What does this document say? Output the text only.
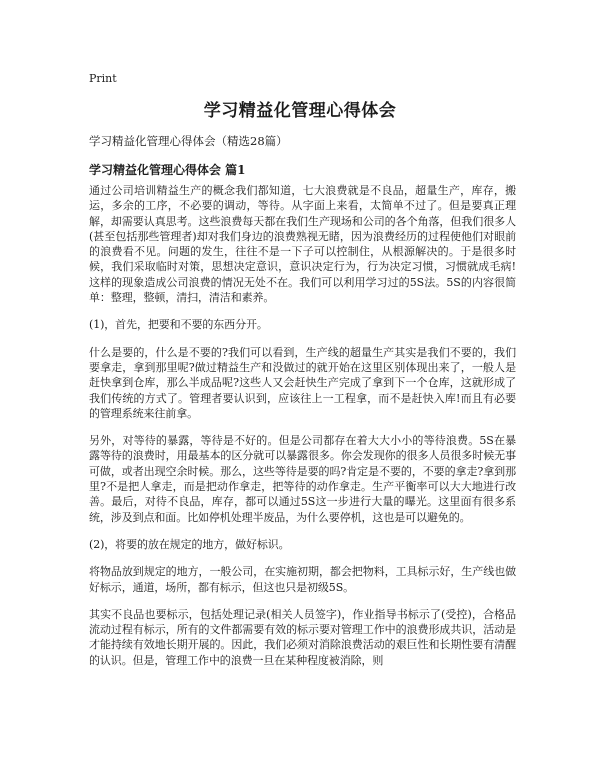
Print
学习精益化管理心得体会

学习精益化管理心得体会（精选28篇）

学习精益化管理心得体会 篇1

通过公司培训精益生产的概念我们都知道，七大浪费就是不良品，超量生产，库存，搬运，多余的工序，不必要的调动，等待。从字面上来看，太简单不过了。但是要真正理解，却需要认真思考。这些浪费每天都在我们生产现场和公司的各个角落，但我们很多人(甚至包括那些管理者)却对我们身边的浪费熟视无睹，因为浪费经历的过程使他们对眼前的浪费看不见。问题的发生，往往不是一下子可以控制住，从根源解决的。于是很多时候，我们采取临时对策，思想决定意识，意识决定行为，行为决定习惯，习惯就成毛病!这样的现象造成公司浪费的情况无处不在。我们可以利用学习过的5S法。5S的内容很简单：整理，整顿，清扫，清洁和素养。

(1)，首先，把要和不要的东西分开。

什么是要的，什么是不要的?我们可以看到，生产线的超量生产其实是我们不要的，我们要拿走，拿到那里呢?做过精益生产和没做过的就开始在这里区别体现出来了，一般人是赶快拿到仓库，那么半成品呢?这些人又会赶快生产完成了拿到下一个仓库，这就形成了我们传统的方式了。管理者要认识到，应该往上一工程拿，而不是赶快入库!而且有必要的管理系统来往前拿。

另外，对等待的暴露，等待是不好的。但是公司都存在着大大小小的等待浪费。5S在暴露等待的浪费时，用最基本的区分就可以暴露很多。你会发现你的很多人员很多时候无事可做，或者出现空余时候。那么，这些等待是要的吗?肯定是不要的，不要的拿走?拿到那里?不是把人拿走，而是把动作拿走，把等待的动作拿走。生产平衡率可以大大地进行改善。最后，对待不良品，库存，都可以通过5S这一步进行大量的曝光。这里面有很多系统，涉及到点和面。比如停机处理半废品，为什么要停机，这也是可以避免的。

(2)，将要的放在规定的地方，做好标识。

将物品放到规定的地方，一般公司，在实施初期，都会把物料，工具标示好，生产线也做好标示，通道，场所，都有标示，但这也只是初级5S。

其实不良品也要标示，包括处理记录(相关人员签字)，作业指导书标示了(受控)，合格品流动过程有标示，所有的文件都需要有效的标示要对管理工作中的浪费形成共识，活动是才能持续有效地长期开展的。因此，我们必须对消除浪费活动的艰巨性和长期性要有清醒的认识。但是，管理工作中的浪费一旦在某种程度被消除，则
